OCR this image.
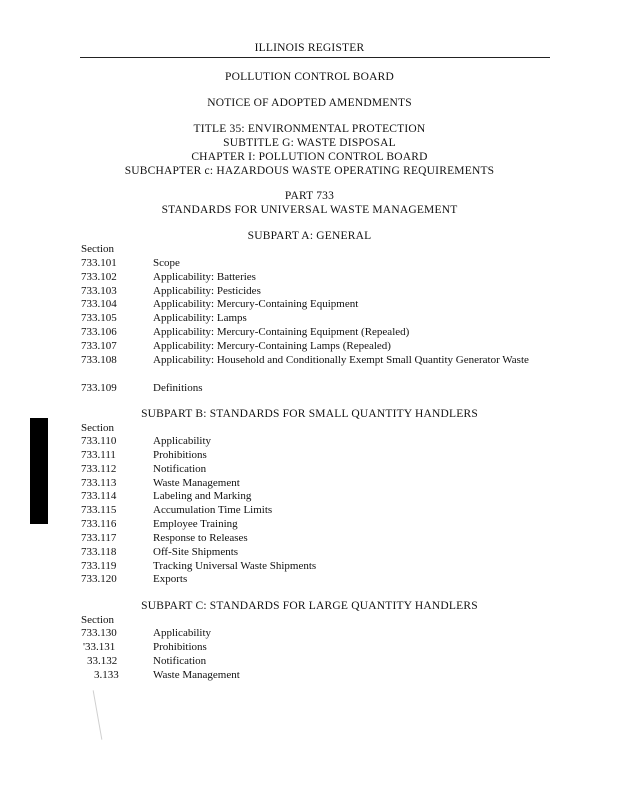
ILLINOIS REGISTER
POLLUTION CONTROL BOARD
NOTICE OF ADOPTED AMENDMENTS
TITLE 35: ENVIRONMENTAL PROTECTION
SUBTITLE G: WASTE DISPOSAL
CHAPTER I: POLLUTION CONTROL BOARD
SUBCHAPTER c: HAZARDOUS WASTE OPERATING REQUIREMENTS
PART 733
STANDARDS FOR UNIVERSAL WASTE MANAGEMENT
SUBPART A: GENERAL
Section
733.101	Scope
733.102	Applicability: Batteries
733.103	Applicability: Pesticides
733.104	Applicability: Mercury-Containing Equipment
733.105	Applicability: Lamps
733.106	Applicability: Mercury-Containing Equipment (Repealed)
733.107	Applicability: Mercury-Containing Lamps (Repealed)
733.108	Applicability: Household and Conditionally Exempt Small Quantity Generator Waste
733.109	Definitions
SUBPART B: STANDARDS FOR SMALL QUANTITY HANDLERS
Section
733.110	Applicability
733.111	Prohibitions
733.112	Notification
733.113	Waste Management
733.114	Labeling and Marking
733.115	Accumulation Time Limits
733.116	Employee Training
733.117	Response to Releases
733.118	Off-Site Shipments
733.119	Tracking Universal Waste Shipments
733.120	Exports
SUBPART C: STANDARDS FOR LARGE QUANTITY HANDLERS
Section
733.130	Applicability
'33.131	Prohibitions
33.132	Notification
3.133	Waste Management
